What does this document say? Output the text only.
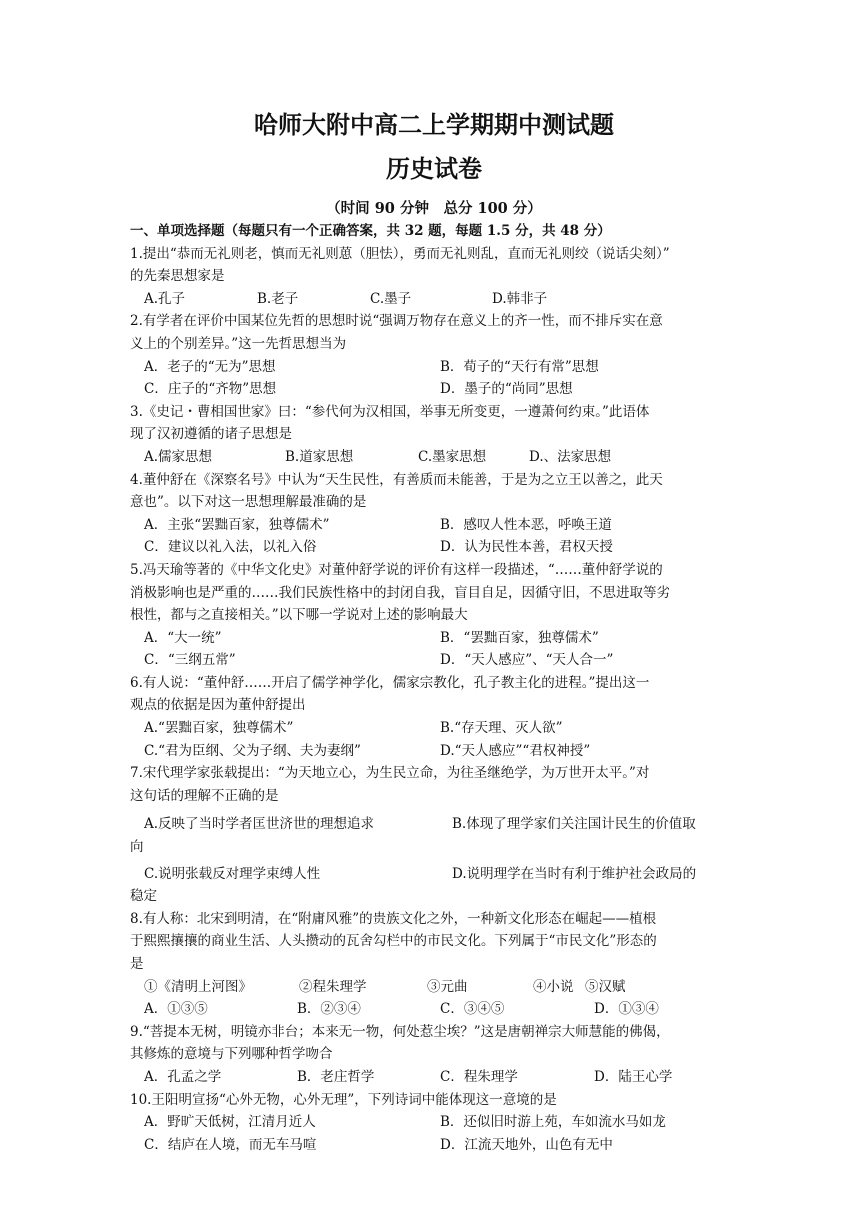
哈师大附中高二上学期期中测试题
历史试卷
（时间 90 分钟　总分 100 分）
一、单项选择题（每题只有一个正确答案，共 32 题，每题 1.5 分，共 48 分）
1.提出“恭而无礼则老，慎而无礼则葸（胆怯），勇而无礼则乱，直而无礼则绞（说话尖刻）”
的先秦思想家是
A.孔子	B.老子	C.墨子	D.韩非子
2.有学者在评价中国某位先哲的思想时说“强调万物存在意义上的齐一性，而不排斥实在意
义上的个别差异。”这一先哲思想当为
A．老子的“无为”思想	B．荀子的“天行有常”思想
C．庄子的“齐物”思想	D．墨子的“尚同”思想
3.《史记・曹相国世家》曰：“参代何为汉相国，举事无所变更，一遵萧何约束。”此语体
现了汉初遵循的诸子思想是
A.儒家思想	B.道家思想	C.墨家思想	D.、法家思想
4.董仲舒在《深察名号》中认为“天生民性，有善质而未能善，于是为之立王以善之，此天
意也”。以下对这一思想理解最准确的是
A．主张“罢黜百家，独尊儒术”	B．感叹人性本恶，呼唤王道
C．建议以礼入法，以礼入俗	D．认为民性本善，君权天授
5.冯天瑜等著的《中华文化史》对董仲舒学说的评价有这样一段描述，“……董仲舒学说的
消极影响也是严重的……我们民族性格中的封闭自我，盲目自足，因循守旧，不思进取等劣
根性，都与之直接相关。”以下哪一学说对上述的影响最大
A．“大一统”	B．“罢黜百家，独尊儒术”
C．“三纲五常”	D．“天人感应”、“天人合一”
6.有人说：“董仲舒……开启了儒学神学化，儒家宗教化，孔子教主化的进程。”提出这一
观点的依据是因为董仲舒提出
A.“罢黜百家，独尊儒术”	B.“存天理、灭人欲”
C.“君为臣纲、父为子纲、夫为妻纲”	D.“天人感应”“君权神授”
7.宋代理学家张载提出：“为天地立心，为生民立命，为往圣继绝学，为万世开太平。”对
这句话的理解不正确的是
A.反映了当时学者匡世济世的理想追求	B.体现了理学家们关注国计民生的价值取
向
C.说明张载反对理学束缚人性	D.说明理学在当时有利于维护社会政局的
稳定
8.有人称：北宋到明清，在“附庸风雅”的贵族文化之外，一种新文化形态在崛起——植根
于熙熙攘攘的商业生活、人头攒动的瓦舍勾栏中的市民文化。下列属于“市民文化”形态的
是
①《清明上河图》	②程朱理学	③元曲	④小说 ⑤汉赋
A．①③⑤	B．②③④	C．③④⑤	D．①③④
9.“菩提本无树，明镜亦非台；本来无一物，何处惹尘埃？”这是唐朝禅宗大师慧能的佛偈，
其修炼的意境与下列哪种哲学吻合
A．孔孟之学	B．老庄哲学	C．程朱理学	D．陆王心学
10.王阳明宣扬“心外无物，心外无理”，下列诗词中能体现这一意境的是
A．野旷天低树，江清月近人	B．还似旧时游上苑，车如流水马如龙
C．结庐在人境，而无车马喧	D．江流天地外，山色有无中
